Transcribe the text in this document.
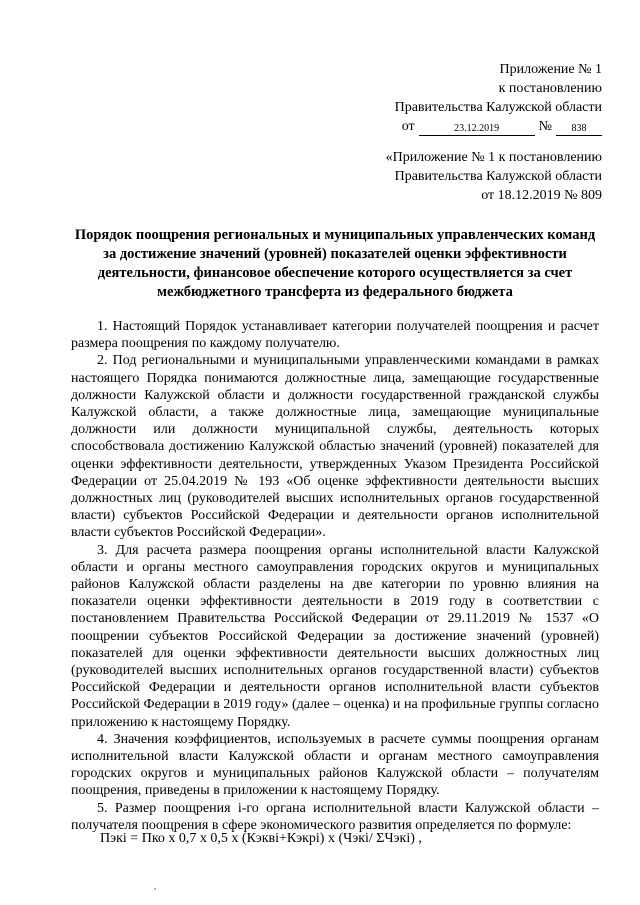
Приложение № 1
к постановлению
Правительства Калужской области
от	23.12.2019	№	838
«Приложение № 1 к постановлению
Правительства Калужской области
от 18.12.2019 № 809
Порядок поощрения региональных и муниципальных управленческих команд за достижение значений (уровней) показателей оценки эффективности деятельности, финансовое обеспечение которого осуществляется за счет межбюджетного трансферта из федерального бюджета

1. Настоящий Порядок устанавливает категории получателей поощрения и расчет размера поощрения по каждому получателю.

2. Под региональными и муниципальными управленческими командами в рамках настоящего Порядка понимаются должностные лица, замещающие государственные должности Калужской области и должности государственной гражданской службы Калужской области, а также должностные лица, замещающие муниципальные должности или должности муниципальной службы, деятельность которых способствовала достижению Калужской областью значений (уровней) показателей для оценки эффективности деятельности, утвержденных Указом Президента Российской Федерации от 25.04.2019 № 193 «Об оценке эффективности деятельности высших должностных лиц (руководителей высших исполнительных органов государственной власти) субъектов Российской Федерации и деятельности органов исполнительной власти субъектов Российской Федерации».

3. Для расчета размера поощрения органы исполнительной власти Калужской области и органы местного самоуправления городских округов и муниципальных районов Калужской области разделены на две категории по уровню влияния на показатели оценки эффективности деятельности в 2019 году в соответствии с постановлением Правительства Российской Федерации от 29.11.2019 № 1537 «О поощрении субъектов Российской Федерации за достижение значений (уровней) показателей для оценки эффективности деятельности высших должностных лиц (руководителей высших исполнительных органов государственной власти) субъектов Российской Федерации и деятельности органов исполнительной власти субъектов Российской Федерации в 2019 году» (далее – оценка) и на профильные группы согласно приложению к настоящему Порядку.

4. Значения коэффициентов, используемых в расчете суммы поощрения органам исполнительной власти Калужской области и органам местного самоуправления городских округов и муниципальных районов Калужской области – получателям поощрения, приведены в приложении к настоящему Порядку.

5. Размер поощрения i-го органа исполнительной власти Калужской области – получателя поощрения в сфере экономического развития определяется по формуле:

Пэкі = Пко x 0,7 x 0,5 x (Кэкві+Кэкрі) x (Чэкі/ ΣЧэкі) ,
